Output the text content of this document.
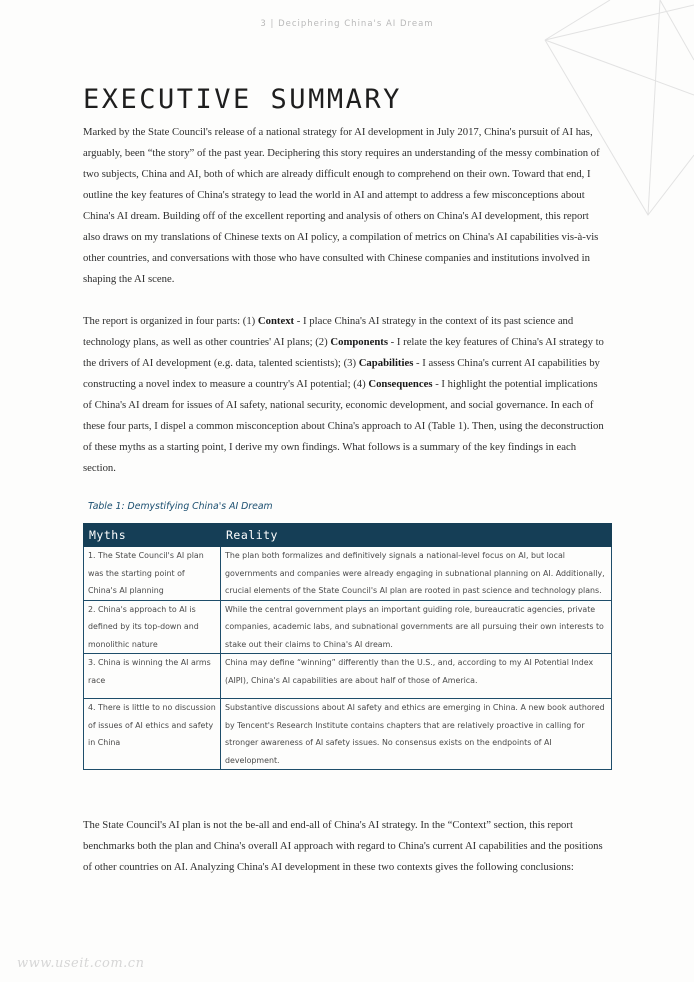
3 | Deciphering China's AI Dream
EXECUTIVE SUMMARY

Marked by the State Council's release of a national strategy for AI development in July 2017, China's pursuit of AI has, arguably, been “the story” of the past year. Deciphering this story requires an understanding of the messy combination of two subjects, China and AI, both of which are already difficult enough to comprehend on their own. Toward that end, I outline the key features of China's strategy to lead the world in AI and attempt to address a few misconceptions about China's AI dream. Building off of the excellent reporting and analysis of others on China's AI development, this report also draws on my translations of Chinese texts on AI policy, a compilation of metrics on China's AI capabilities vis-à-vis other countries, and conversations with those who have consulted with Chinese companies and institutions involved in shaping the AI scene.

The report is organized in four parts: (1) Context - I place China's AI strategy in the context of its past science and technology plans, as well as other countries' AI plans; (2) Components - I relate the key features of China's AI strategy to the drivers of AI development (e.g. data, talented scientists); (3) Capabilities - I assess China's current AI capabilities by constructing a novel index to measure a country's AI potential; (4) Consequences - I highlight the potential implications of China's AI dream for issues of AI safety, national security, economic development, and social governance. In each of these four parts, I dispel a common misconception about China's approach to AI (Table 1). Then, using the deconstruction of these myths as a starting point, I derive my own findings. What follows is a summary of the key findings in each section.

Table 1: Demystifying China's AI Dream
Myths	Reality
1. The State Council's AI plan was the starting point of China's AI planning	The plan both formalizes and definitively signals a national-level focus on AI, but local governments and companies were already engaging in subnational planning on AI. Additionally, crucial elements of the State Council's AI plan are rooted in past science and technology plans.
2. China's approach to AI is defined by its top-down and monolithic nature	While the central government plays an important guiding role, bureaucratic agencies, private companies, academic labs, and subnational governments are all pursuing their own interests to stake out their claims to China's AI dream.
3. China is winning the AI arms race	China may define “winning” differently than the U.S., and, according to my AI Potential Index (AIPI), China's AI capabilities are about half of those of America.
4. There is little to no discussion of issues of AI ethics and safety in China	Substantive discussions about AI safety and ethics are emerging in China. A new book authored by Tencent's Research Institute contains chapters that are relatively proactive in calling for stronger awareness of AI safety issues. No consensus exists on the endpoints of AI development.

The State Council's AI plan is not the be-all and end-all of China's AI strategy. In the “Context” section, this report benchmarks both the plan and China's overall AI approach with regard to China's current AI capabilities and the positions of other countries on AI. Analyzing China's AI development in these two contexts gives the following conclusions:

www.useit.com.cn
